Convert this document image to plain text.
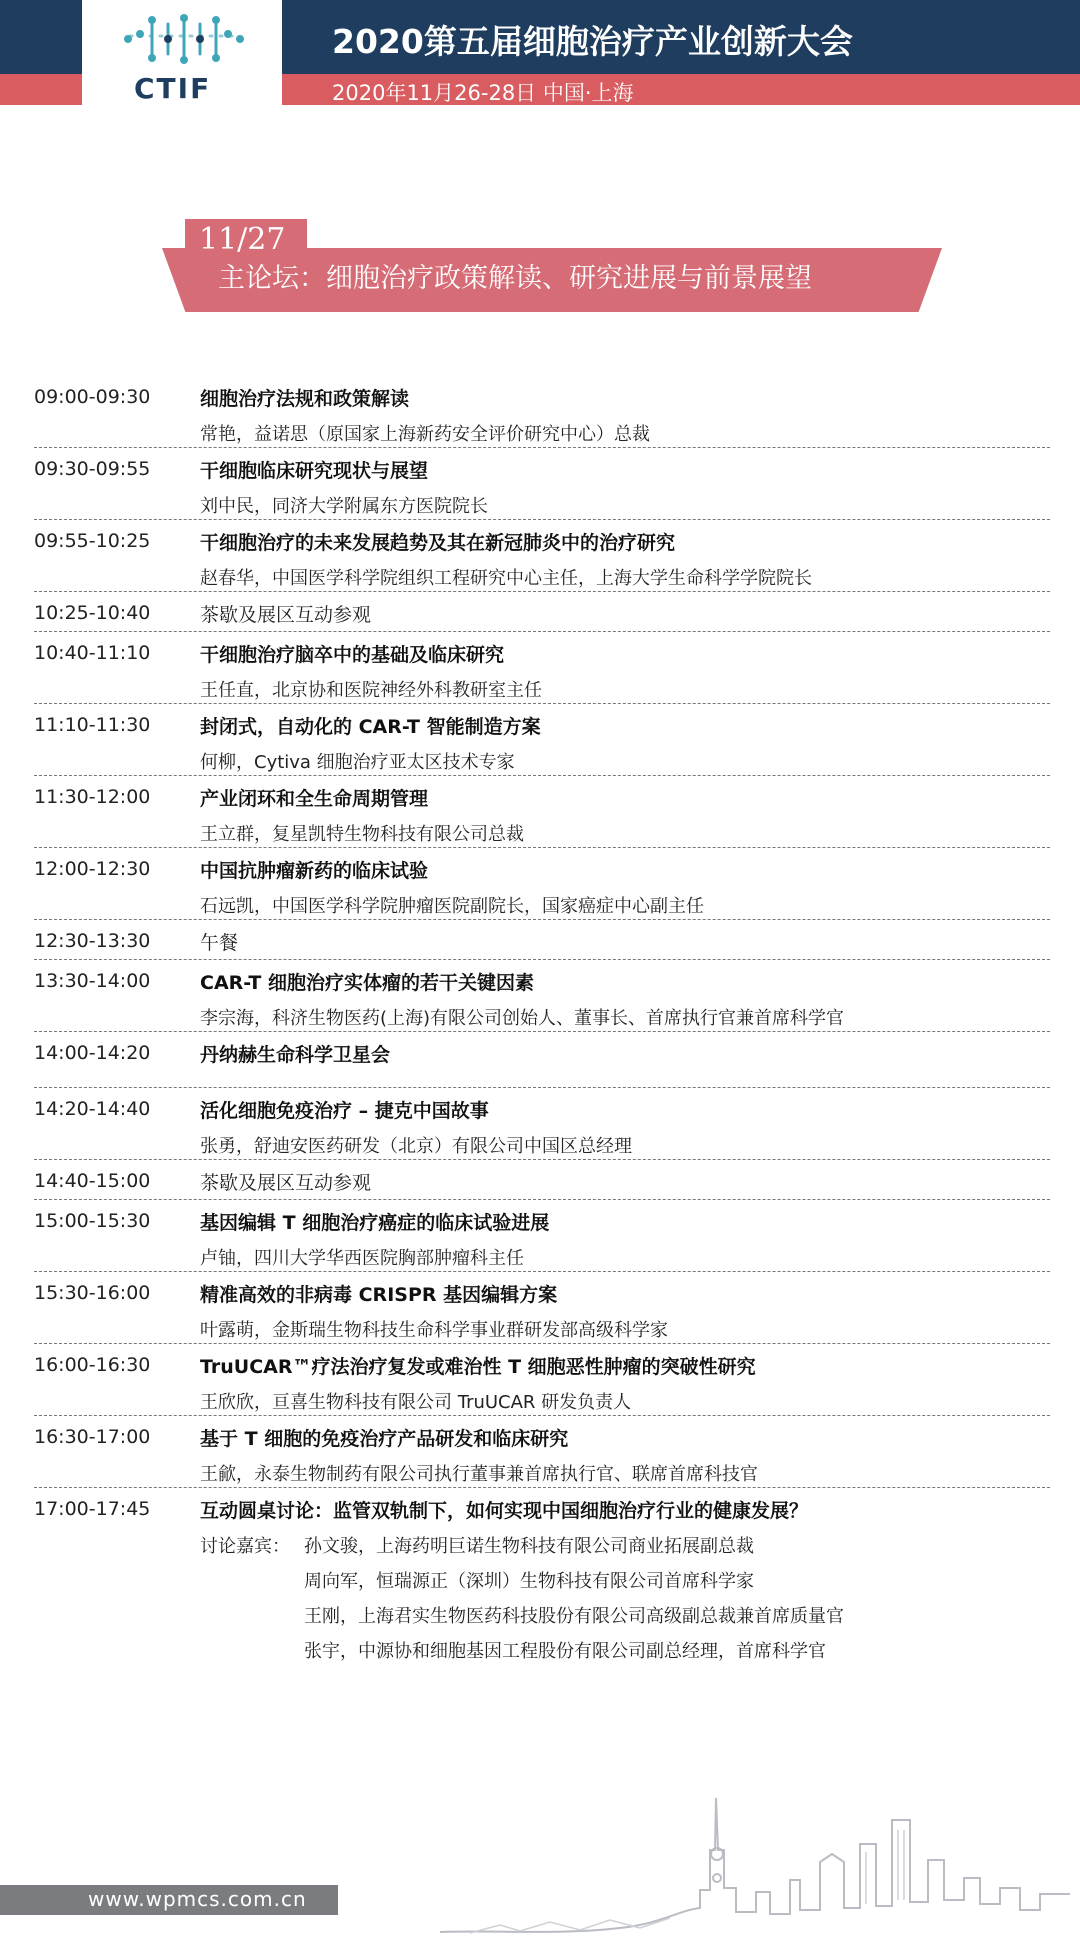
CTIF
2020第五届细胞治疗产业创新大会
2020年11月26-28日 中国·上海
11/27
主论坛：细胞治疗政策解读、研究进展与前景展望
09:00-09:30	细胞治疗法规和政策解读
常艳，益诺思（原国家上海新药安全评价研究中心）总裁
09:30-09:55	干细胞临床研究现状与展望
刘中民，同济大学附属东方医院院长
09:55-10:25	干细胞治疗的未来发展趋势及其在新冠肺炎中的治疗研究
赵春华，中国医学科学院组织工程研究中心主任，上海大学生命科学学院院长
10:25-10:40	茶歇及展区互动参观
10:40-11:10	干细胞治疗脑卒中的基础及临床研究
王任直，北京协和医院神经外科教研室主任
11:10-11:30	封闭式，自动化的 CAR-T 智能制造方案
何柳，Cytiva 细胞治疗亚太区技术专家
11:30-12:00	产业闭环和全生命周期管理
王立群，复星凯特生物科技有限公司总裁
12:00-12:30	中国抗肿瘤新药的临床试验
石远凯，中国医学科学院肿瘤医院副院长，国家癌症中心副主任
12:30-13:30	午餐
13:30-14:00	CAR-T 细胞治疗实体瘤的若干关键因素
李宗海，科济生物医药(上海)有限公司创始人、董事长、首席执行官兼首席科学官
14:00-14:20	丹纳赫生命科学卫星会
14:20-14:40	活化细胞免疫治疗 – 捷克中国故事
张勇，舒迪安医药研发（北京）有限公司中国区总经理
14:40-15:00	茶歇及展区互动参观
15:00-15:30	基因编辑 T 细胞治疗癌症的临床试验进展
卢铀，四川大学华西医院胸部肿瘤科主任
15:30-16:00	精准高效的非病毒 CRISPR 基因编辑方案
叶露萌，金斯瑞生物科技生命科学事业群研发部高级科学家
16:00-16:30	TruUCAR™疗法治疗复发或难治性 T 细胞恶性肿瘤的突破性研究
王欣欣，亘喜生物科技有限公司 TruUCAR 研发负责人
16:30-17:00	基于 T 细胞的免疫治疗产品研发和临床研究
王歈，永泰生物制药有限公司执行董事兼首席执行官、联席首席科技官
17:00-17:45	互动圆桌讨论：监管双轨制下，如何实现中国细胞治疗行业的健康发展？
讨论嘉宾： 孙文骏，上海药明巨诺生物科技有限公司商业拓展副总裁
周向军，恒瑞源正（深圳）生物科技有限公司首席科学家
王刚，上海君实生物医药科技股份有限公司高级副总裁兼首席质量官
张宇，中源协和细胞基因工程股份有限公司副总经理，首席科学官
www.wpmcs.com.cn
